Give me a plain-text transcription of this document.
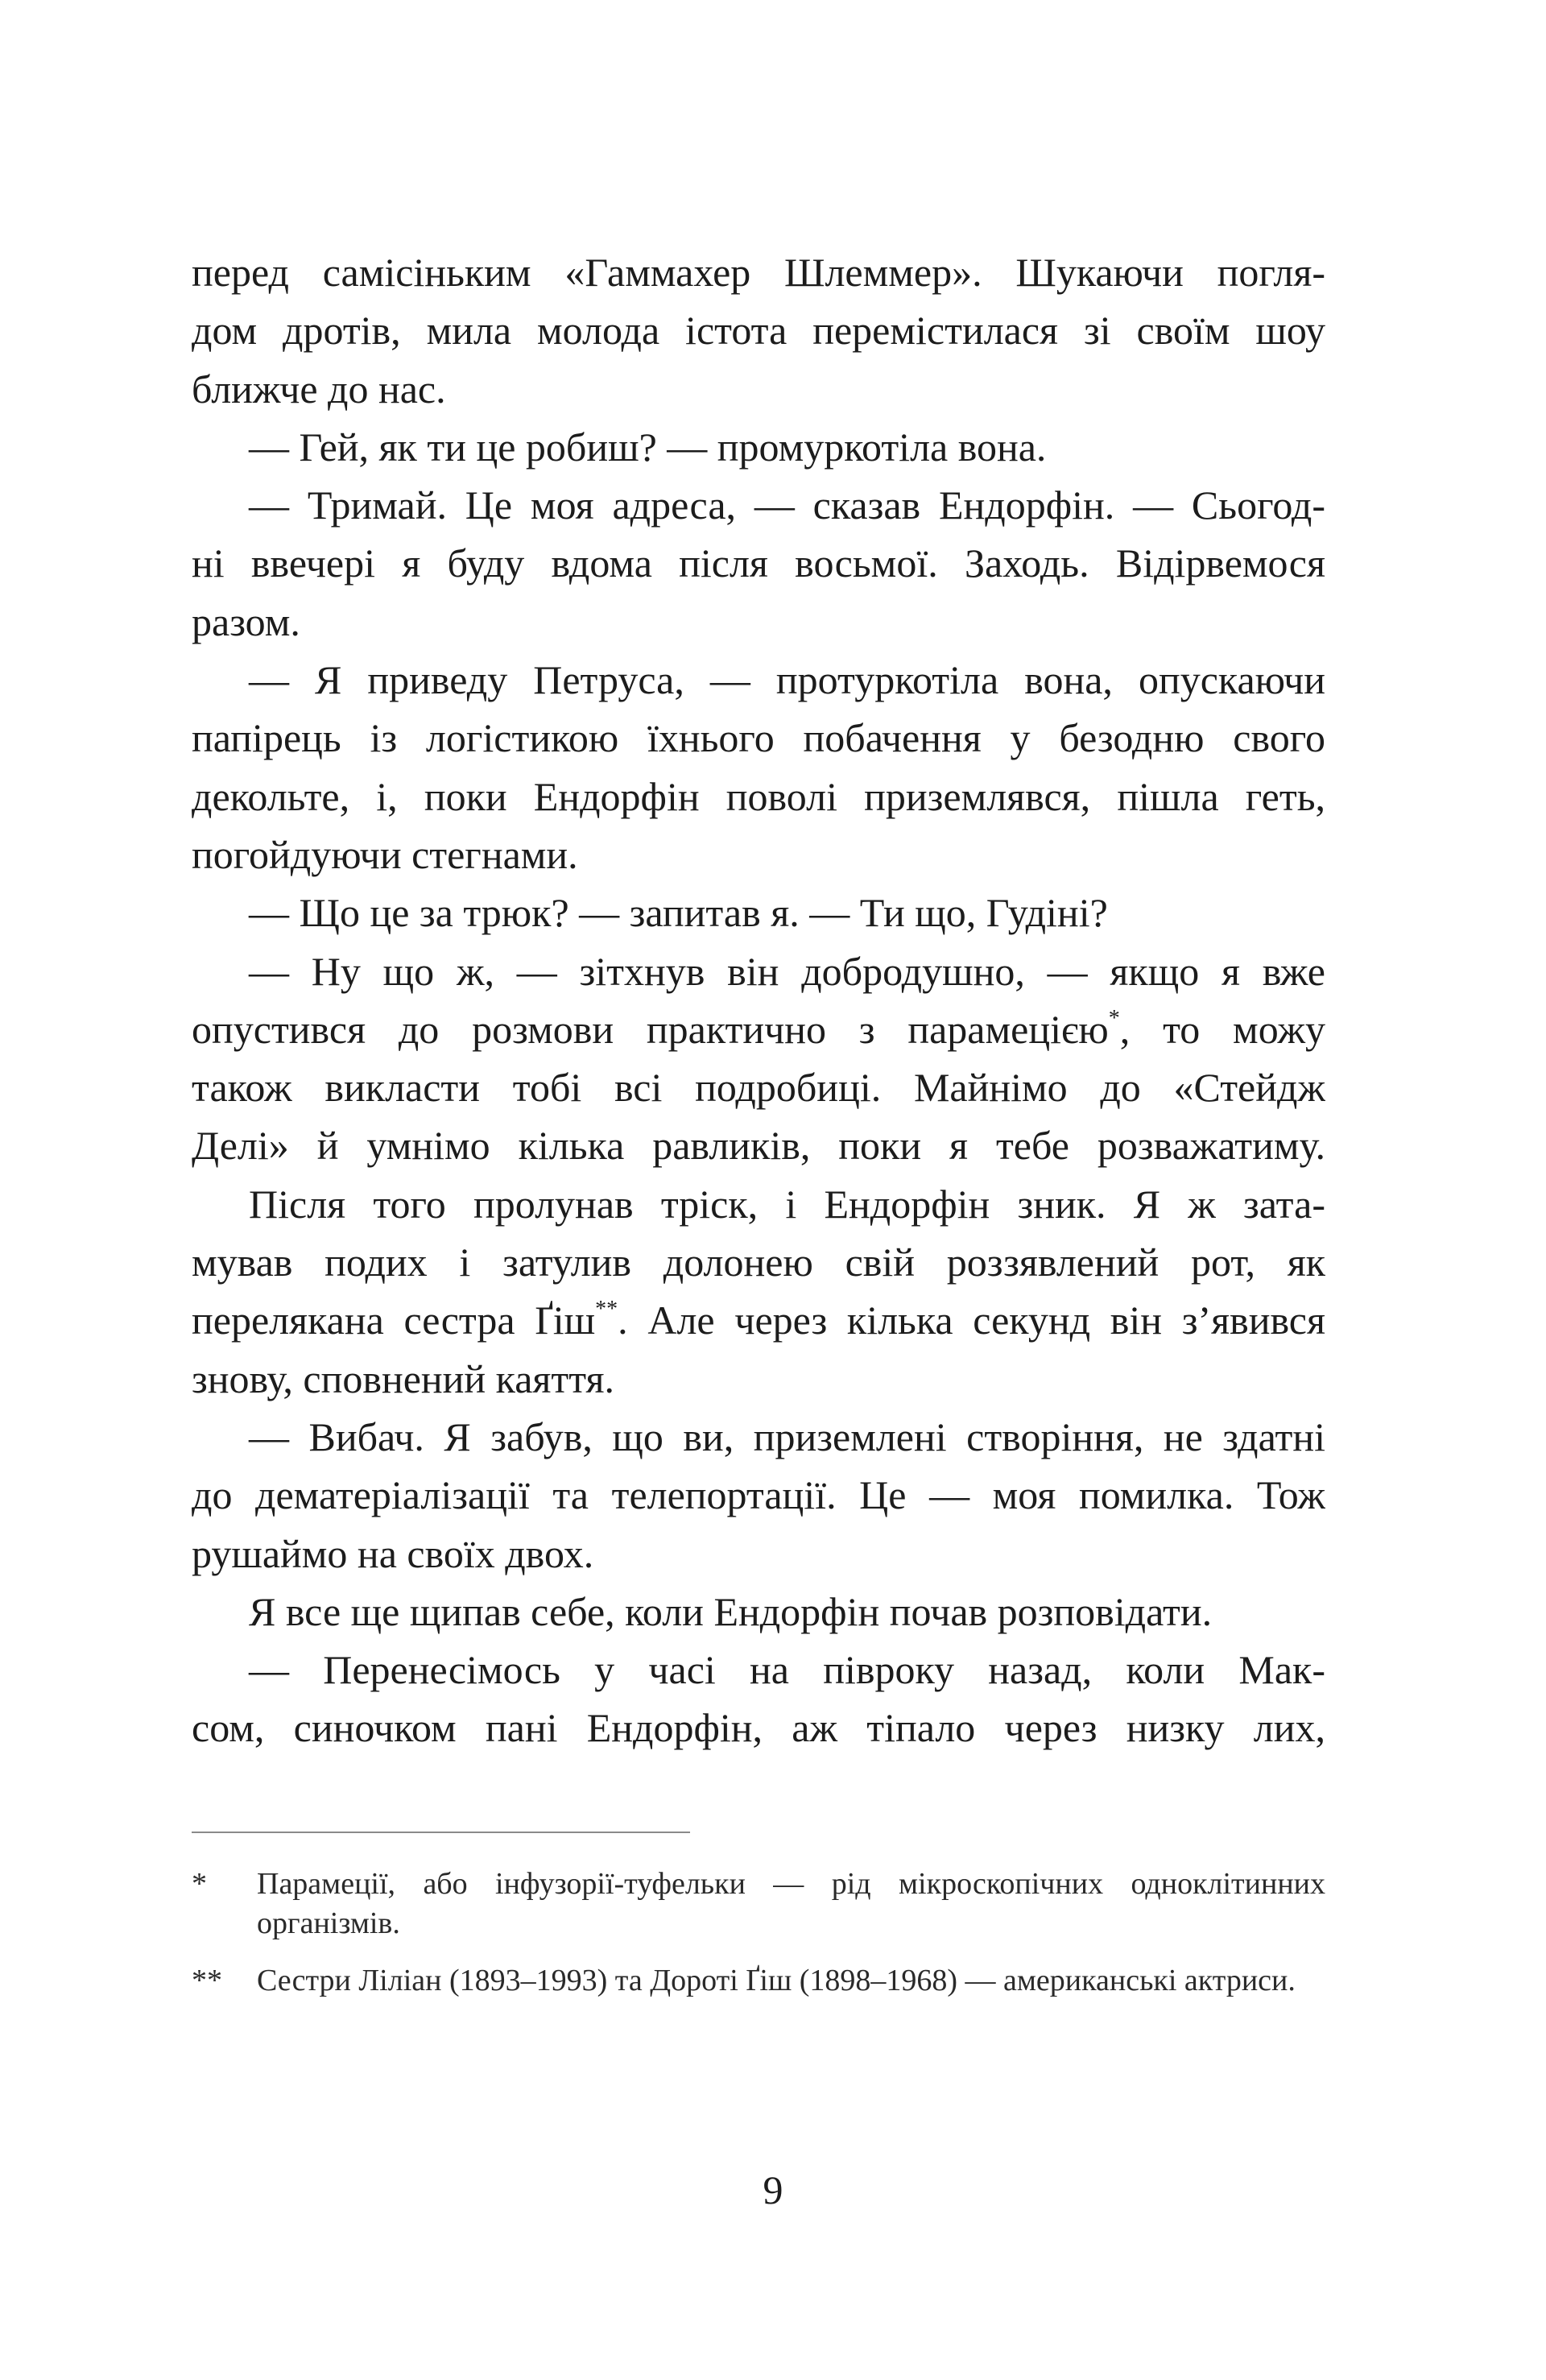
перед самісіньким «Гаммахер Шлеммер». Шукаючи погля-
дом дротів, мила молода істота перемістилася зі своїм шоу
ближче до нас.
— Гей, як ти це робиш? — промуркотіла вона.
— Тримай. Це моя адреса, — сказав Ендорфін. — Сьогод-
ні ввечері я буду вдома після восьмої. Заходь. Відірвемося
разом.
— Я приведу Петруса, — протуркотіла вона, опускаючи
папірець із логістикою їхнього побачення у безодню свого
декольте, і, поки Ендорфін поволі приземлявся, пішла геть,
погойдуючи стегнами.
— Що це за трюк? — запитав я. — Ти що, Гудіні?
— Ну що ж, — зітхнув він добродушно, — якщо я вже
опустився до розмови практично з парамецією*, то можу
також викласти тобі всі подробиці. Майнімо до «Стейдж
Делі» й умнімо кілька равликів, поки я тебе розважатиму.
Після того пролунав тріск, і Ендорфін зник. Я ж зата-
мував подих і затулив долонею свій роззявлений рот, як
перелякана сестра Ґіш**. Але через кілька секунд він з’явився
знову, сповнений каяття.
— Вибач. Я забув, що ви, приземлені створіння, не здатні
до дематеріалізації та телепортації. Це — моя помилка. Тож
рушаймо на своїх двох.
Я все ще щипав себе, коли Ендорфін почав розповідати.
— Перенесімось у часі на півроку назад, коли Мак-
сом, синочком пані Ендорфін, аж тіпало через низку лих,
* Парамеції, або інфузорії-туфельки — рід мікроскопічних одноклітинних організмів.
** Сестри Ліліан (1893–1993) та Дороті Ґіш (1898–1968) — американські актриси.
9
